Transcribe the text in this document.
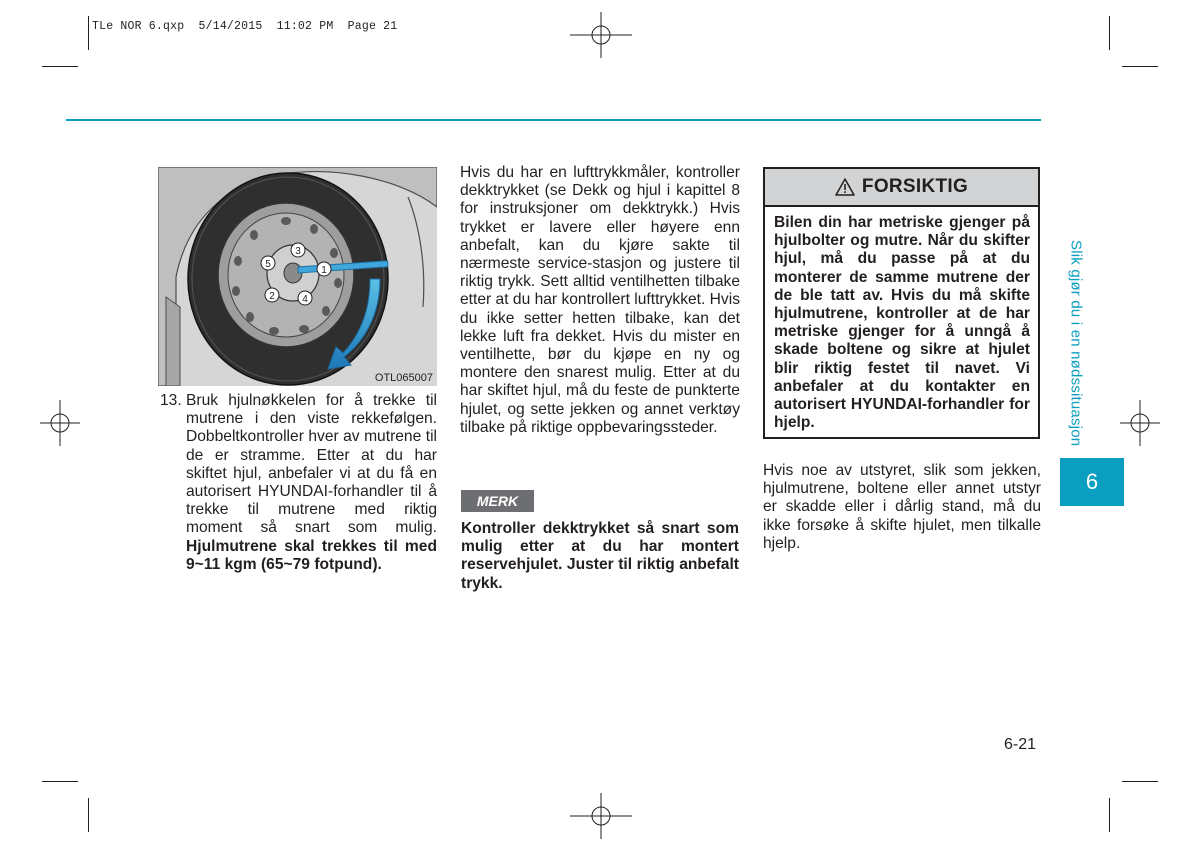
TLe NOR 6.qxp  5/14/2015  11:02 PM  Page 21
1
2
3
4
5
OTL065007
13. Bruk hjulnøkkelen for å trekke til mutrene i den viste rekkefølgen. Dobbeltkontroller hver av mutrene til de er stramme. Etter at du har skiftet hjul, anbefaler vi at du få en autorisert HYUNDAI-forhandler til å trekke til mutrene med riktig moment så snart som mulig. Hjulmutrene skal trekkes til med 9~11 kgm (65~79 fotpund).
Hvis du har en lufttrykkmåler, kontroller dekktrykket (se Dekk og hjul i kapittel 8 for instruksjoner om dekktrykk.) Hvis trykket er lavere eller høyere enn anbefalt, kan du kjøre sakte til nærmeste service-stasjon og justere til riktig trykk. Sett alltid ventilhetten tilbake etter at du har kontrollert lufttrykket. Hvis du ikke setter hetten tilbake, kan det lekke luft fra dekket. Hvis du mister en ventilhette, bør du kjøpe en ny og montere den snarest mulig. Etter at du har skiftet hjul, må du feste de punkterte hjulet, og sette jekken og annet verktøy tilbake på riktige oppbevaringssteder.
MERK
Kontroller dekktrykket så snart som mulig etter at du har montert reservehjulet. Juster til riktig anbefalt trykk.
FORSIKTIG
Bilen din har metriske gjenger på hjulbolter og mutre. Når du skifter hjul, må du passe på at du monterer de samme mutrene der de ble tatt av. Hvis du må skifte hjulmutrene, kontroller at de har metriske gjenger for å unngå å skade boltene og sikre at hjulet blir riktig festet til navet. Vi anbefaler at du kontakter en autorisert HYUNDAI-forhandler for hjelp.
Hvis noe av utstyret, slik som jekken, hjulmutrene, boltene eller annet utstyr er skadde eller i dårlig stand, må du ikke forsøke å skifte hjulet, men tilkalle hjelp.
Slik gjør du i en nødssituasjon
6
6-21
